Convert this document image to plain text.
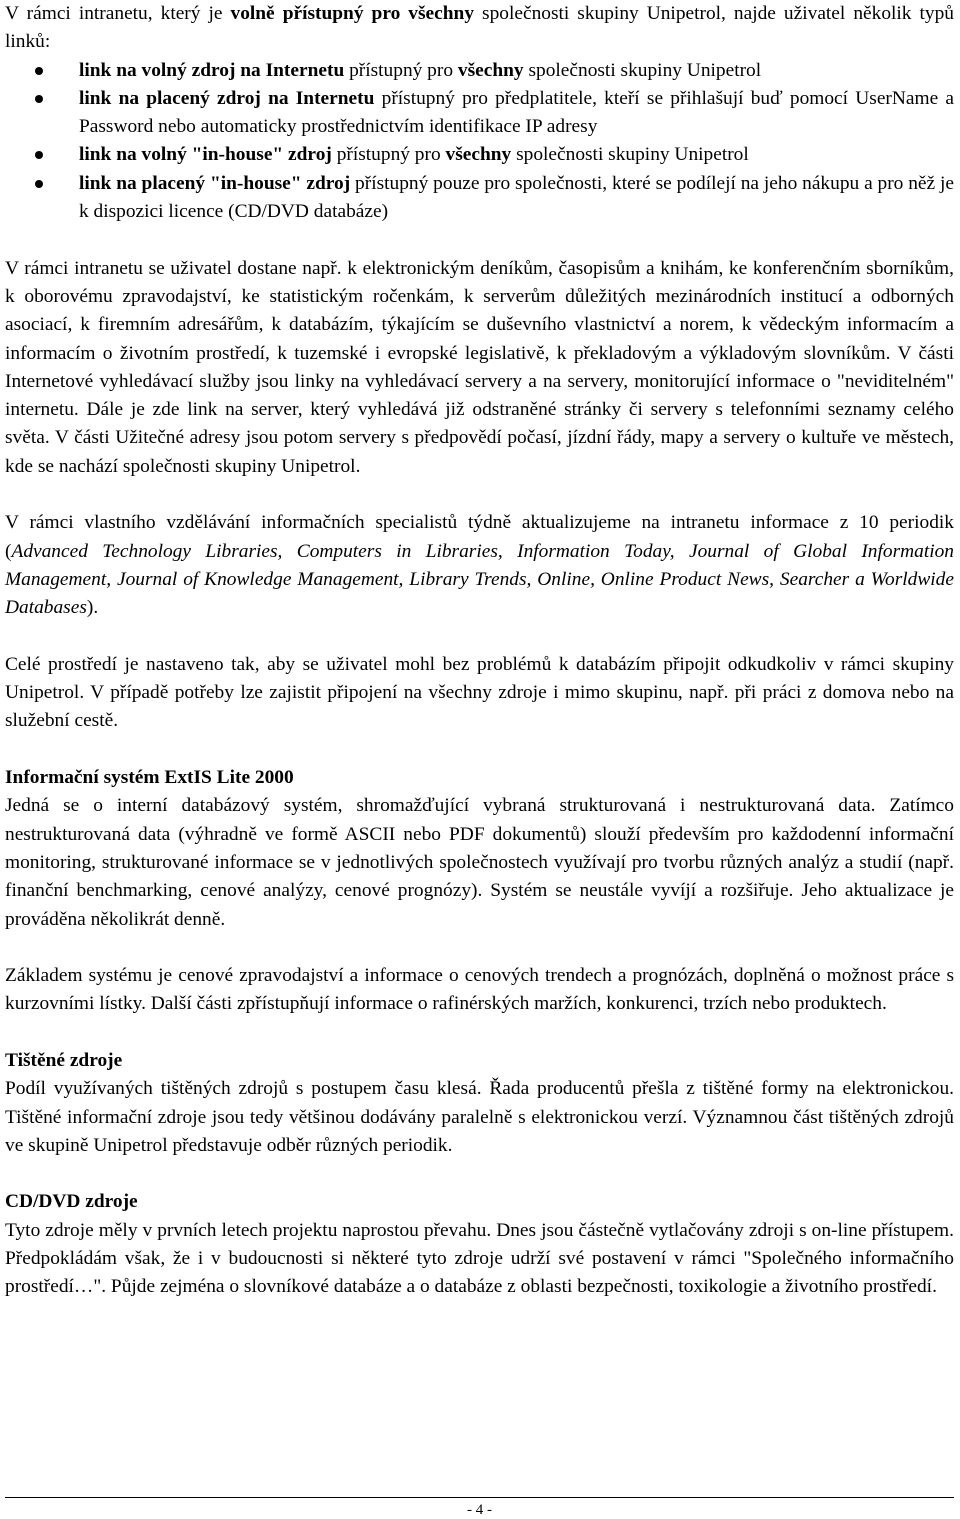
V rámci intranetu, který je volně přístupný pro všechny společnosti skupiny Unipetrol, najde uživatel několik typů linků:

link na volný zdroj na Internetu přístupný pro všechny společnosti skupiny Unipetrol
link na placený zdroj na Internetu přístupný pro předplatitele, kteří se přihlašují buď pomocí UserName a Password nebo automaticky prostřednictvím identifikace IP adresy
link na volný "in-house" zdroj přístupný pro všechny společnosti skupiny Unipetrol
link na placený "in-house" zdroj přístupný pouze pro společnosti, které se podílejí na jeho nákupu a pro něž je k dispozici licence (CD/DVD databáze)

V rámci intranetu se uživatel dostane např. k elektronickým deníkům, časopisům a knihám, ke konferenčním sborníkům, k oborovému zpravodajství, ke statistickým ročenkám, k serverům důležitých mezinárodních institucí a odborných asociací, k firemním adresářům, k databázím, týkajícím se duševního vlastnictví a norem, k vědeckým informacím a informacím o životním prostředí, k tuzemské i evropské legislativě, k překladovým a výkladovým slovníkům. V části Internetové vyhledávací služby jsou linky na vyhledávací servery a na servery, monitorující informace o "neviditelném" internetu. Dále je zde link na server, který vyhledává již odstraněné stránky či servery s telefonními seznamy celého světa. V části Užitečné adresy jsou potom servery s předpovědí počasí, jízdní řády, mapy a servery o kultuře ve městech, kde se nachází společnosti skupiny Unipetrol.

V rámci vlastního vzdělávání informačních specialistů týdně aktualizujeme na intranetu informace z 10 periodik (Advanced Technology Libraries, Computers in Libraries, Information Today, Journal of Global Information Management, Journal of Knowledge Management, Library Trends, Online, Online Product News, Searcher a Worldwide Databases).

Celé prostředí je nastaveno tak, aby se uživatel mohl bez problémů k databázím připojit odkudkoliv v rámci skupiny Unipetrol. V případě potřeby lze zajistit připojení na všechny zdroje i mimo skupinu, např. při práci z domova nebo na služební cestě.

Informační systém ExtIS Lite 2000

Jedná se o interní databázový systém, shromažďující vybraná strukturovaná i nestrukturovaná data. Zatímco nestrukturovaná data (výhradně ve formě ASCII nebo PDF dokumentů) slouží především pro každodenní informační monitoring, strukturované informace se v jednotlivých společnostech využívají pro tvorbu různých analýz a studií (např. finanční benchmarking, cenové analýzy, cenové prognózy). Systém se neustále vyvíjí a rozšiřuje. Jeho aktualizace je prováděna několikrát denně.

Základem systému je cenové zpravodajství a informace o cenových trendech a prognózách, doplněná o možnost práce s kurzovními lístky. Další části zpřístupňují informace o rafinérských maržích, konkurenci, trzích nebo produktech.

Tištěné zdroje

Podíl využívaných tištěných zdrojů s postupem času klesá. Řada producentů přešla z tištěné formy na elektronickou. Tištěné informační zdroje jsou tedy většinou dodávány paralelně s elektronickou verzí. Významnou část tištěných zdrojů ve skupině Unipetrol představuje odběr různých periodik.

CD/DVD zdroje

Tyto zdroje měly v prvních letech projektu naprostou převahu. Dnes jsou částečně vytlačovány zdroji s on-line přístupem. Předpokládám však, že i v budoucnosti si některé tyto zdroje udrží své postavení v rámci "Společného informačního prostředí…". Půjde zejména o slovníkové databáze a o databáze z oblasti bezpečnosti, toxikologie a životního prostředí.

- 4 -
